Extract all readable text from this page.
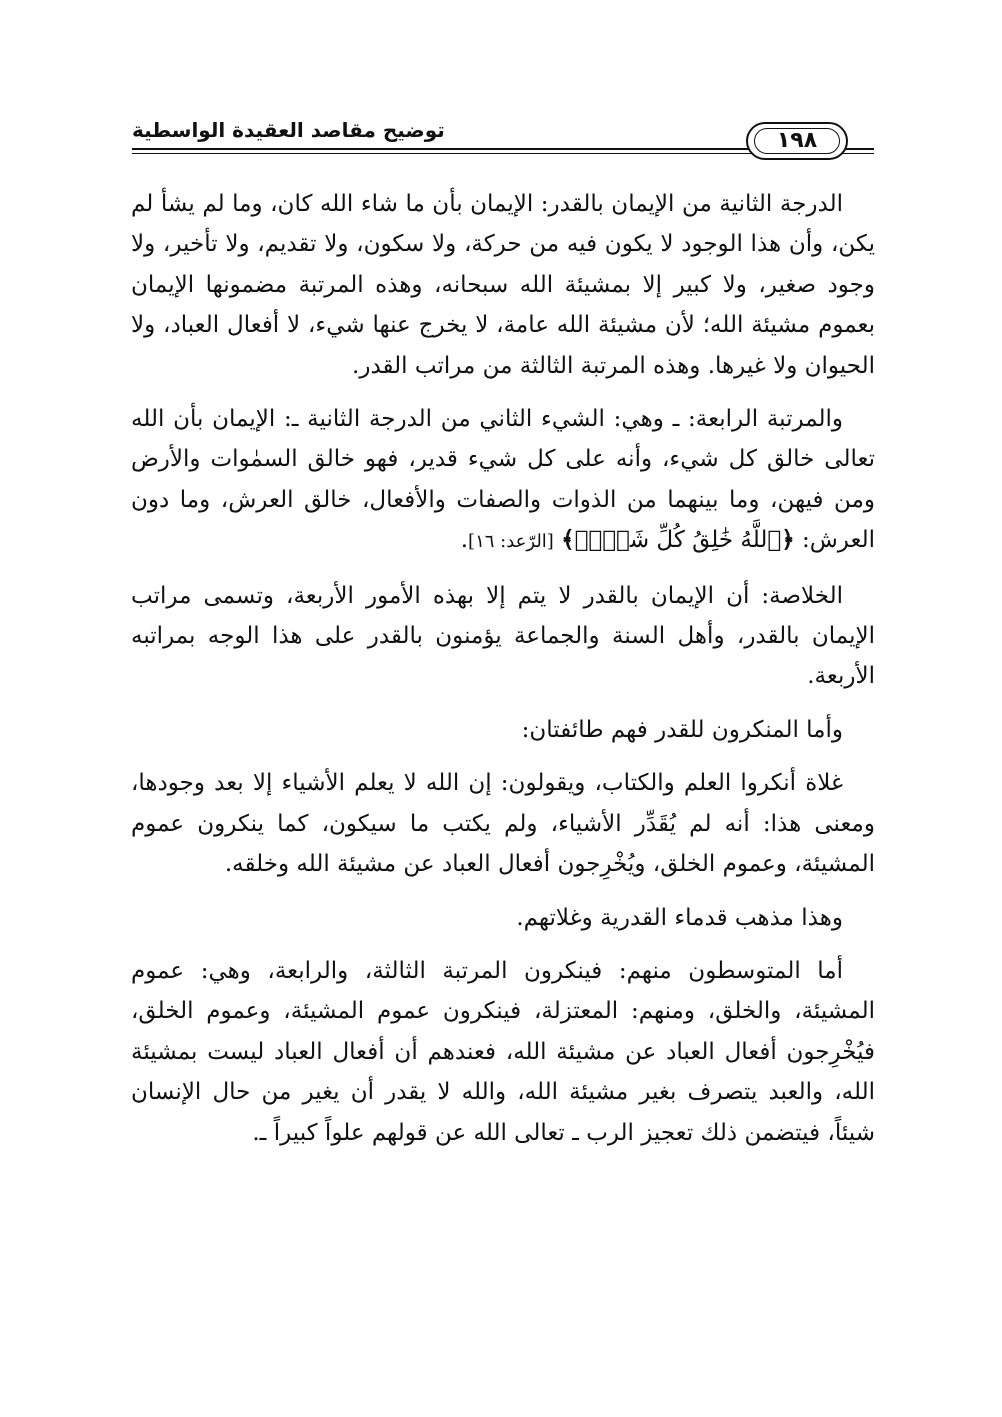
توضيح مقاصد العقيدة الواسطية	١٩٨

الدرجة الثانية من الإيمان بالقدر: الإيمان بأن ما شاء الله كان، وما لم يشأ لم يكن، وأن هذا الوجود لا يكون فيه من حركة، ولا سكون، ولا تقديم، ولا تأخير، ولا وجود صغير، ولا كبير إلا بمشيئة الله سبحانه، وهذه المرتبة مضمونها الإيمان بعموم مشيئة الله؛ لأن مشيئة الله عامة، لا يخرج عنها شيء، لا أفعال العباد، ولا الحيوان ولا غيرها. وهذه المرتبة الثالثة من مراتب القدر.

والمرتبة الرابعة: ـ وهي: الشيء الثاني من الدرجة الثانية ـ: الإيمان بأن الله تعالى خالق كل شيء، وأنه على كل شيء قدير، فهو خالق السمٰوات والأرض ومن فيهن، وما بينهما من الذوات والصفات والأفعال، خالق العرش، وما دون العرش: ﴿ٱللَّهُ خَٰلِقُ كُلِّ شَيۡءٖ﴾ [الرّعد: ١٦].

الخلاصة: أن الإيمان بالقدر لا يتم إلا بهذه الأمور الأربعة، وتسمى مراتب الإيمان بالقدر، وأهل السنة والجماعة يؤمنون بالقدر على هذا الوجه بمراتبه الأربعة.

وأما المنكرون للقدر فهم طائفتان:

غلاة أنكروا العلم والكتاب، ويقولون: إن الله لا يعلم الأشياء إلا بعد وجودها، ومعنى هذا: أنه لم يُقَدِّر الأشياء، ولم يكتب ما سيكون، كما ينكرون عموم المشيئة، وعموم الخلق، ويُخْرِجون أفعال العباد عن مشيئة الله وخلقه.

وهذا مذهب قدماء القدرية وغلاتهم.

أما المتوسطون منهم: فينكرون المرتبة الثالثة، والرابعة، وهي: عموم المشيئة، والخلق، ومنهم: المعتزلة، فينكرون عموم المشيئة، وعموم الخلق، فيُخْرِجون أفعال العباد عن مشيئة الله، فعندهم أن أفعال العباد ليست بمشيئة الله، والعبد يتصرف بغير مشيئة الله، والله لا يقدر أن يغير من حال الإنسان شيئاً، فيتضمن ذلك تعجيز الرب ـ تعالى الله عن قولهم علواً كبيراً ـ.
